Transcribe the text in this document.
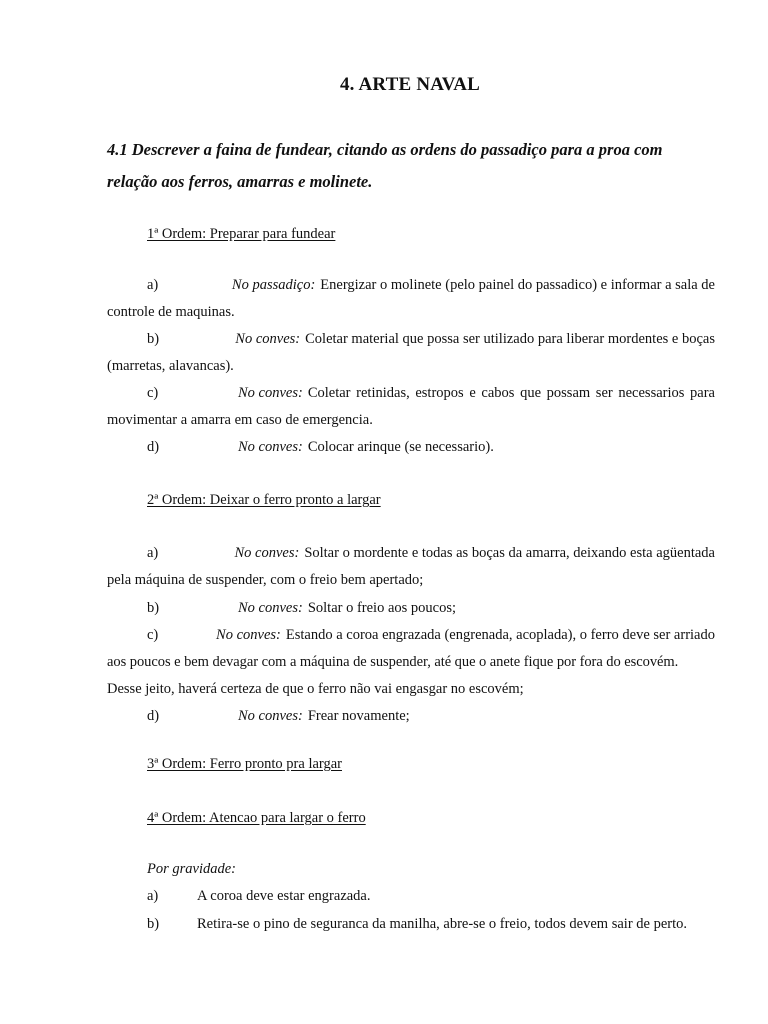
4. ARTE NAVAL
4.1 Descrever a faina de fundear, citando as ordens do passadiço para a proa com
relação aos ferros, amarras e molinete.
1ª Ordem: Preparar para fundear
a)	No passadiço: Energizar o molinete (pelo painel do passadico) e informar a sala de
controle de maquinas.
b)	No conves: Coletar material que possa ser utilizado para liberar mordentes e boças
(marretas, alavancas).
c)	No conves: Coletar retinidas, estropos e cabos que possam ser necessarios para
movimentar a amarra em caso de emergencia.
d)	No conves: Colocar arinque (se necessario).
2ª Ordem: Deixar o ferro pronto a largar
a)	No conves: Soltar o mordente e todas as boças da amarra, deixando esta agüentada
pela máquina de suspender, com o freio bem apertado;
b)	No conves: Soltar o freio aos poucos;
c)	No conves: Estando a coroa engrazada (engrenada, acoplada), o ferro deve ser arriado
aos poucos e bem devagar com a máquina de suspender, até que o anete fique por fora do escovém.
Desse jeito, haverá certeza de que o ferro não vai engasgar no escovém;
d)	No conves: Frear novamente;
3ª Ordem: Ferro pronto pra largar
4ª Ordem: Atencao para largar o ferro
Por gravidade:
a)	A coroa deve estar engrazada.
b)	Retira-se o pino de seguranca da manilha, abre-se o freio, todos devem sair de perto.
